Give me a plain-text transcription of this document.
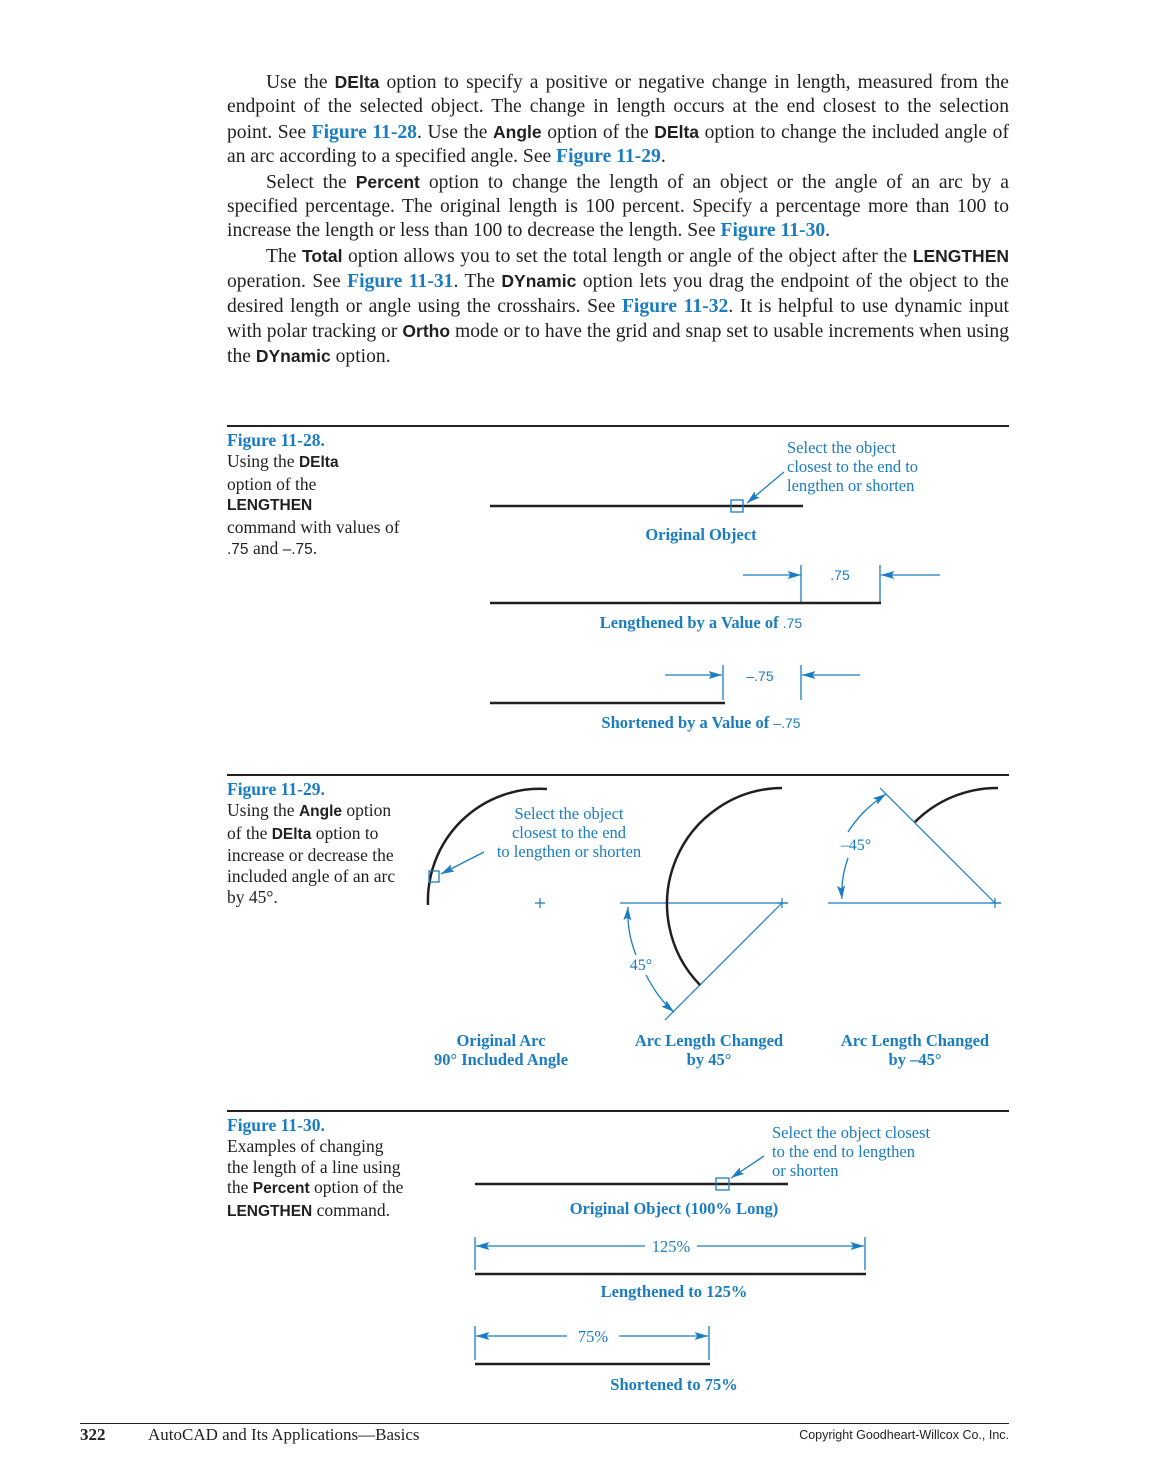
Use the DElta option to specify a positive or negative change in length, measured from the endpoint of the selected object. The change in length occurs at the end closest to the selection point. See Figure 11-28. Use the Angle option of the DElta option to change the included angle of an arc according to a specified angle. See Figure 11-29.

Select the Percent option to change the length of an object or the angle of an arc by a specified percentage. The original length is 100 percent. Specify a percentage more than 100 to increase the length or less than 100 to decrease the length. See Figure 11-30.

The Total option allows you to set the total length or angle of the object after the LENGTHEN operation. See Figure 11-31. The DYnamic option lets you drag the endpoint of the object to the desired length or angle using the crosshairs. See Figure 11-32. It is helpful to use dynamic input with polar tracking or Ortho mode or to have the grid and snap set to usable increments when using the DYnamic option.

Figure 11-28.
Using the DElta
option of the
LENGTHEN
command with values of .75 and –.75.
Figure 11-29.
Using the Angle option of the DElta option to increase or decrease the included angle of an arc by 45°.
Figure 11-30.
Examples of changing the length of a line using the Percent option of the LENGTHEN command.
Select the object
closest to the end to
lengthen or shorten
Original Object
.75
Lengthened by a Value of .75
–.75
Shortened by a Value of –.75
Select the object
closest to the end
to lengthen or shorten
45°
–45°
Original Arc
90° Included Angle
Arc Length Changed
by 45°
Arc Length Changed
by –45°
Select the object closest
to the end to lengthen
or shorten
Original Object (100% Long)
125%
Lengthened to 125%
75%
Shortened to 75%
322	AutoCAD and Its Applications—Basics	Copyright Goodheart-Willcox Co., Inc.
